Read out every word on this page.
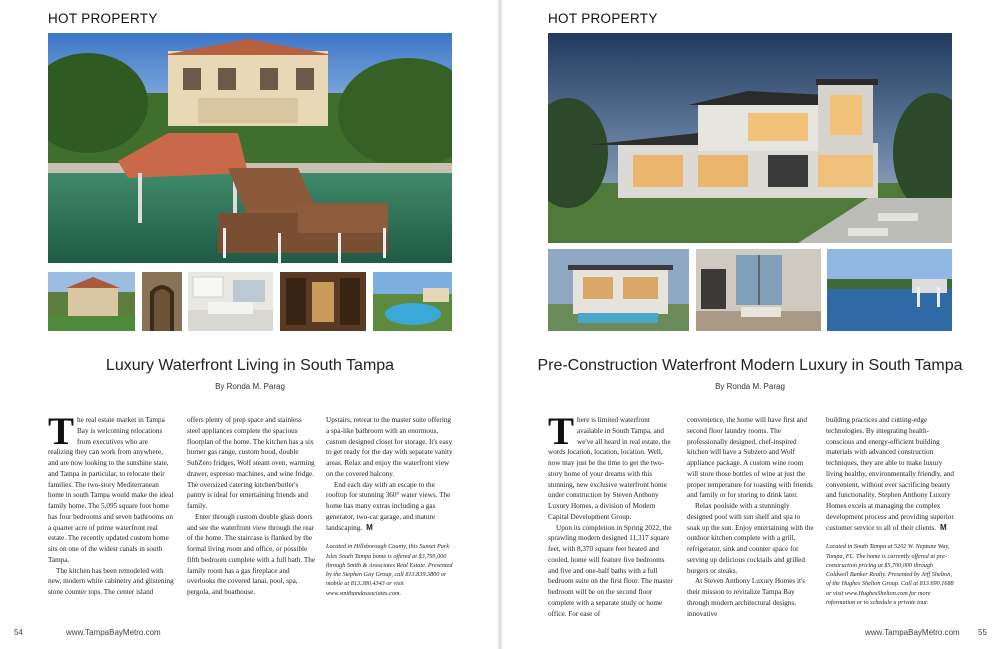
HOT PROPERTY
Luxury Waterfront Living in South Tampa
By Ronda M. Parag

The real estate market in Tampa Bay is welcoming relocations from executives who are realizing they can work from anywhere, and are now looking to the sunshine state, and Tampa in particular, to relocate their families. The two-story Mediterranean home in south Tampa would make the ideal family home. The 5,095 square foot home has four bedrooms and seven bathrooms on a quarter acre of prime waterfront real estate. The recently updated custom home sits on one of the widest canals in south Tampa.

The kitchen has been remodeled with new, modern white cabinetry and glistening stone counter tops. The center island

offers plenty of prep space and stainless steel appliances complete the spacious floorplan of the home. The kitchen has a six burner gas range, custom hood, double SubZero fridges, Wolf steam oven, warming drawer, espresso machines, and wine fridge. The oversized catering kitchen/butler's pantry is ideal for entertaining friends and family.

Enter through custom double glass doors and see the waterfront view through the rear of the home. The staircase is flanked by the formal living room and office, or possible fifth bedroom complete with a full bath. The family room has a gas fireplace and overlooks the covered lanai, pool, spa, pergola, and boathouse.

Upstairs, retreat to the master suite offering a spa-like bathroom with an enormous, custom designed closet for storage. It's easy to get ready for the day with separate vanity areas. Relax and enjoy the waterfront view on the covered balcony.

End each day with an escape to the rooftop for stunning 360° water views. The home has many extras including a gas generator, two-car garage, and mature landscaping. M

Located in Hillsborough County, this Sunset Park Isles South Tampa home is offered at $3,795,000 through Smith & Associates Real Estate. Presented by the Stephen Gay Group, call 813.839.3800 or mobile at 813.380.4343 or visit www.smithandassociates.com.
54	www.TampaBayMetro.com
HOT PROPERTY
Pre-Construction Waterfront Modern Luxury in South Tampa
By Ronda M. Parag

There is limited waterfront available in South Tampa, and we've all heard in real estate, the words location, location, location. Well, now may just be the time to get the two-story home of your dreams with this stunning, new exclusive waterfront home under construction by Steven Anthony Luxury Homes, a division of Modern Capital Development Group.

Upon its completion in Spring 2022, the sprawling modern designed 11,317 square feet, with 8,370 square feet heated and cooled, home will feature five bedrooms and five and one-half baths with a full bedroom suite on the first floor. The master bedroom will be on the second floor complete with a separate study or home office. For ease of

convenience, the home will have first and second floor laundry rooms. The professionally designed, chef-inspired kitchen will have a Subzero and Wolf appliance package. A custom wine room will store those bottles of wine at just the proper temperature for toasting with friends and family or for storing to drink later.

Relax poolside with a stunningly designed pool with sun shelf and spa to soak up the sun. Enjoy entertaining with the outdoor kitchen complete with a grill, refrigerator, sink and counter space for serving up delicious cocktails and grilled burgers or steaks.

At Steven Anthony Luxury Homes it's their mission to revitalize Tampa Bay through modern architectural designs, innovative

building practices and cutting-edge technologies. By integrating health-conscious and energy-efficient building materials with advanced construction techniques, they are able to make luxury living healthy, environmentally friendly, and convenient, without ever sacrificing beauty and functionality. Stephen Anthony Luxury Homes excels at managing the complex development process and providing superior customer service to all of their clients. M

Located in South Tampa at 5202 W. Neptune Way, Tampa, FL. The home is currently offered at pre-construction pricing at $5,700,000 through Coldwell Banker Realty. Presented by Jeff Shelton, of the Hughes Shelton Group. Call at 813.690.1688 or visit www.HughesShelton.com for more information or to schedule a private tour.
www.TampaBayMetro.com 55
